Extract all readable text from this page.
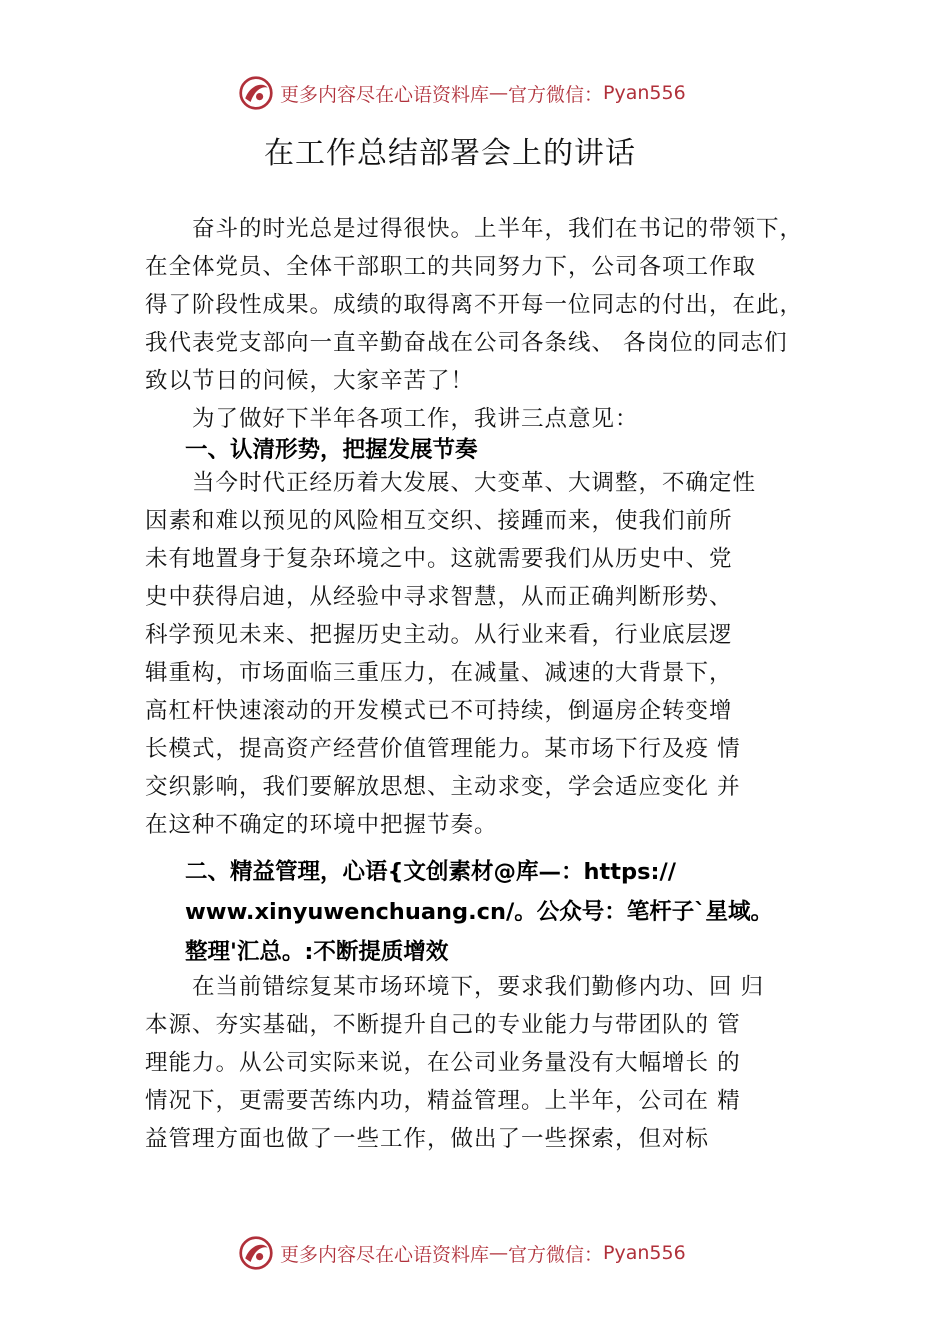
更多内容尽在心语资料库 — 官方微信： Pyan556
在工作总结部署会上的讲话
　　奋斗的时光总是过得很快。上半年，我们在书记的带领下，
在全体党员、全体干部职工的共同努力下，公司各项工作取
得了阶段性成果。成绩的取得离不开每一位同志的付出，在此，
我代表党支部向一直辛勤奋战在公司各条线、 各岗位的同志们
致以节日的问候，大家辛苦了！
　　为了做好下半年各项工作，我讲三点意见：
一、认清形势，把握发展节奏
　　当今时代正经历着大发展、大变革、大调整，不确定性
因素和难以预见的风险相互交织、接踵而来，使我们前所
未有地置身于复杂环境之中。这就需要我们从历史中、党
史中获得启迪，从经验中寻求智慧，从而正确判断形势、
科学预见未来、把握历史主动。从行业来看，行业底层逻
辑重构，市场面临三重压力，在减量、减速的大背景下，
高杠杆快速滚动的开发模式已不可持续，倒逼房企转变增
长模式，提高资产经营价值管理能力。某市场下行及疫 情
交织影响，我们要解放思想、主动求变，学会适应变化 并
在这种不确定的环境中把握节奏。
二、精益管理，心语{文创素材@库—：https://
www.xinyuwenchuang.cn/。公众号：笔杆子`星域。
整理'汇总。:不断提质增效
　　在当前错综复某市场环境下，要求我们勤修内功、回 归
本源、夯实基础，不断提升自己的专业能力与带团队的 管
理能力。从公司实际来说，在公司业务量没有大幅增长 的
情况下，更需要苦练内功，精益管理。上半年，公司在 精
益管理方面也做了一些工作，做出了一些探索，但对标
更多内容尽在心语资料库 — 官方微信： Pyan556
